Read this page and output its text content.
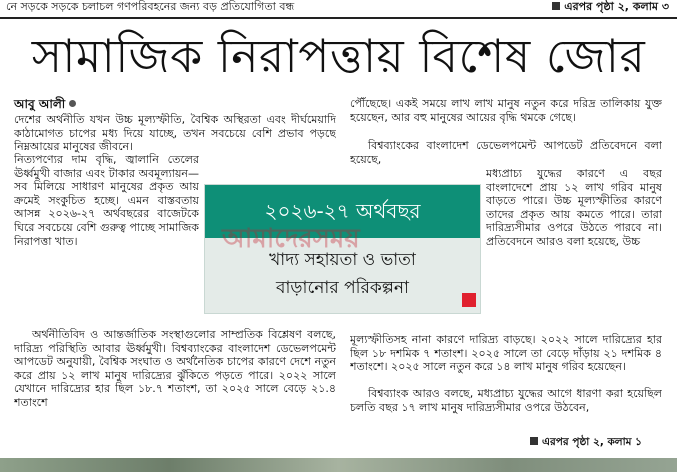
নে সড়কে সড়কে চলাচল গণপরিবহনের জন্য বড় প্রতিযোগিতা বন্ধ	এরপর পৃষ্ঠা ২, কলাম ৩
সামাজিক নিরাপত্তায় বিশেষ জোর
আবু আলী

দেশের অর্থনীতি যখন উচ্চ মূল্যস্ফীতি, বৈশ্বিক অস্থিরতা এবং দীর্ঘমেয়াদি কাঠামোগত চাপের মধ্য দিয়ে যাচ্ছে, তখন সবচেয়ে বেশি প্রভাব পড়ছে নিম্নআয়ের মানুষের জীবনে।

নিত্যপণ্যের দাম বৃদ্ধি, জ্বালানি তেলের ঊর্ধ্বমুখী বাজার এবং টাকার অবমূল্যায়ন— সব মিলিয়ে সাধারণ মানুষের প্রকৃত আয় ক্রমেই সংকুচিত হচ্ছে। এমন বাস্তবতায় আসন্ন ২০২৬-২৭ অর্থবছরের বাজেটকে ঘিরে সবচেয়ে বেশি গুরুত্ব পাচ্ছে সামাজিক নিরাপত্তা খাত।

অর্থনীতিবিদ ও আন্তর্জাতিক সংস্থাগুলোর সাম্প্রতিক বিশ্লেষণ বলছে, দারিদ্র্য পরিস্থিতি আবার ঊর্ধ্বমুখী। বিশ্বব্যাংকের বাংলাদেশ ডেভেলপমেন্ট আপডেট অনুযায়ী, বৈশ্বিক সংঘাত ও অর্থনৈতিক চাপের কারণে দেশে নতুন করে প্রায় ১২ লাখ মানুষ দারিদ্র্যের ঝুঁকিতে পড়তে পারে। ২০২২ সালে যেখানে দারিদ্র্যের হার ছিল ১৮.৭ শতাংশ, তা ২০২৫ সালে বেড়ে ২১.৪ শতাংশে

পৌঁছেছে। একই সময়ে লাখ লাখ মানুষ নতুন করে দরিদ্র তালিকায় যুক্ত হয়েছেন, আর বহু মানুষের আয়ের বৃদ্ধি থমকে গেছে।

বিশ্বব্যাংকের বাংলাদেশ ডেভেলপমেন্ট আপডেট প্রতিবেদনে বলা হয়েছে,

মধ্যপ্রাচ্য যুদ্ধের কারণে এ বছর বাংলাদেশে প্রায় ১২ লাখ গরিব মানুষ বাড়তে পারে। উচ্চ মূল্যস্ফীতির কারণে তাদের প্রকৃত আয় কমতে পারে। তারা দারিদ্র্যসীমার ওপরে উঠতে পারবে না। প্রতিবেদনে আরও বলা হয়েছে, উচ্চ

মূল্যস্ফীতিসহ নানা কারণে দারিদ্র্য বাড়ছে। ২০২২ সালে দারিদ্র্যের হার ছিল ১৮ দশমিক ৭ শতাংশ। ২০২৫ সালে তা বেড়ে দাঁড়ায় ২১ দশমিক ৪ শতাংশে। ২০২৫ সালে নতুন করে ১৪ লাখ মানুষ গরিব হয়েছেন।

বিশ্বব্যাংক আরও বলছে, মধ্যপ্রাচ্য যুদ্ধের আগে ধারণা করা হয়েছিল চলতি বছর ১৭ লাখ মানুষ দারিদ্র্যসীমার ওপরে উঠবেন,

এরপর পৃষ্ঠা ২, কলাম ১
২০২৬-২৭ অর্থবছর
খাদ্য সহায়তা ও ভাতা
বাড়ানোর পরিকল্পনা
আমাদেরসময়
